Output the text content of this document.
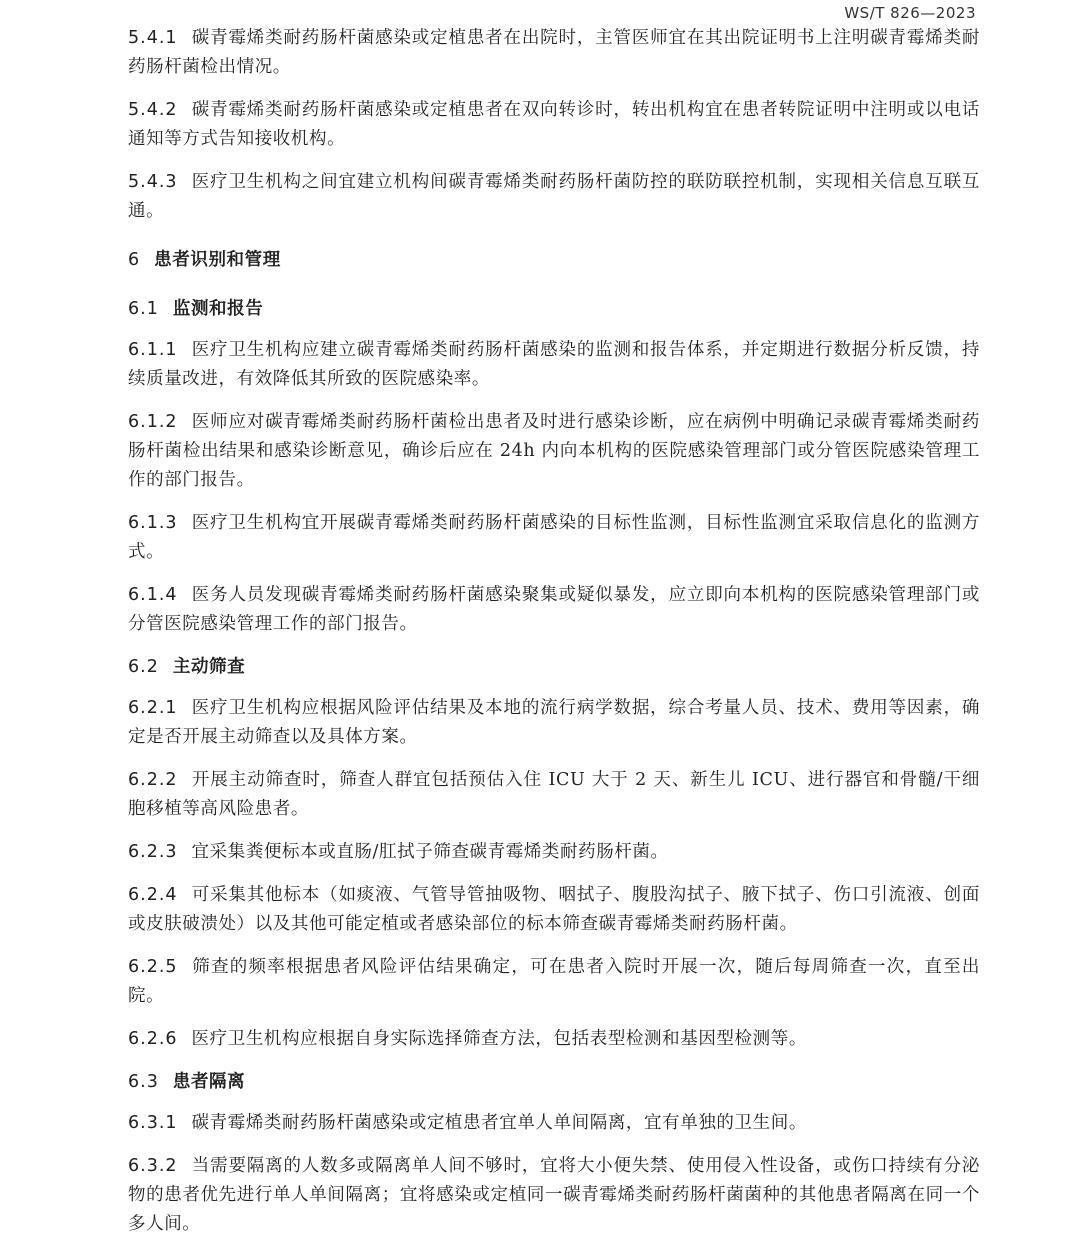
WS/T 826—2023

5.4.1 碳青霉烯类耐药肠杆菌感染或定植患者在出院时，主管医师宜在其出院证明书上注明碳青霉烯类耐药肠杆菌检出情况。

5.4.2 碳青霉烯类耐药肠杆菌感染或定植患者在双向转诊时，转出机构宜在患者转院证明中注明或以电话通知等方式告知接收机构。

5.4.3 医疗卫生机构之间宜建立机构间碳青霉烯类耐药肠杆菌防控的联防联控机制，实现相关信息互联互通。

6 患者识别和管理
6.1 监测和报告

6.1.1 医疗卫生机构应建立碳青霉烯类耐药肠杆菌感染的监测和报告体系，并定期进行数据分析反馈，持续质量改进，有效降低其所致的医院感染率。

6.1.2 医师应对碳青霉烯类耐药肠杆菌检出患者及时进行感染诊断，应在病例中明确记录碳青霉烯类耐药肠杆菌检出结果和感染诊断意见，确诊后应在 24h 内向本机构的医院感染管理部门或分管医院感染管理工作的部门报告。

6.1.3 医疗卫生机构宜开展碳青霉烯类耐药肠杆菌感染的目标性监测，目标性监测宜采取信息化的监测方式。

6.1.4 医务人员发现碳青霉烯类耐药肠杆菌感染聚集或疑似暴发，应立即向本机构的医院感染管理部门或分管医院感染管理工作的部门报告。

6.2 主动筛查

6.2.1 医疗卫生机构应根据风险评估结果及本地的流行病学数据，综合考量人员、技术、费用等因素，确定是否开展主动筛查以及具体方案。

6.2.2 开展主动筛查时，筛查人群宜包括预估入住 ICU 大于 2 天、新生儿 ICU、进行器官和骨髓/干细胞移植等高风险患者。

6.2.3 宜采集粪便标本或直肠/肛拭子筛查碳青霉烯类耐药肠杆菌。

6.2.4 可采集其他标本（如痰液、气管导管抽吸物、咽拭子、腹股沟拭子、腋下拭子、伤口引流液、创面或皮肤破溃处）以及其他可能定植或者感染部位的标本筛查碳青霉烯类耐药肠杆菌。

6.2.5 筛查的频率根据患者风险评估结果确定，可在患者入院时开展一次，随后每周筛查一次，直至出院。

6.2.6 医疗卫生机构应根据自身实际选择筛查方法，包括表型检测和基因型检测等。

6.3 患者隔离

6.3.1 碳青霉烯类耐药肠杆菌感染或定植患者宜单人单间隔离，宜有单独的卫生间。

6.3.2 当需要隔离的人数多或隔离单人间不够时，宜将大小便失禁、使用侵入性设备，或伤口持续有分泌物的患者优先进行单人单间隔离；宜将感染或定植同一碳青霉烯类耐药肠杆菌菌种的其他患者隔离在同一个多人间。
